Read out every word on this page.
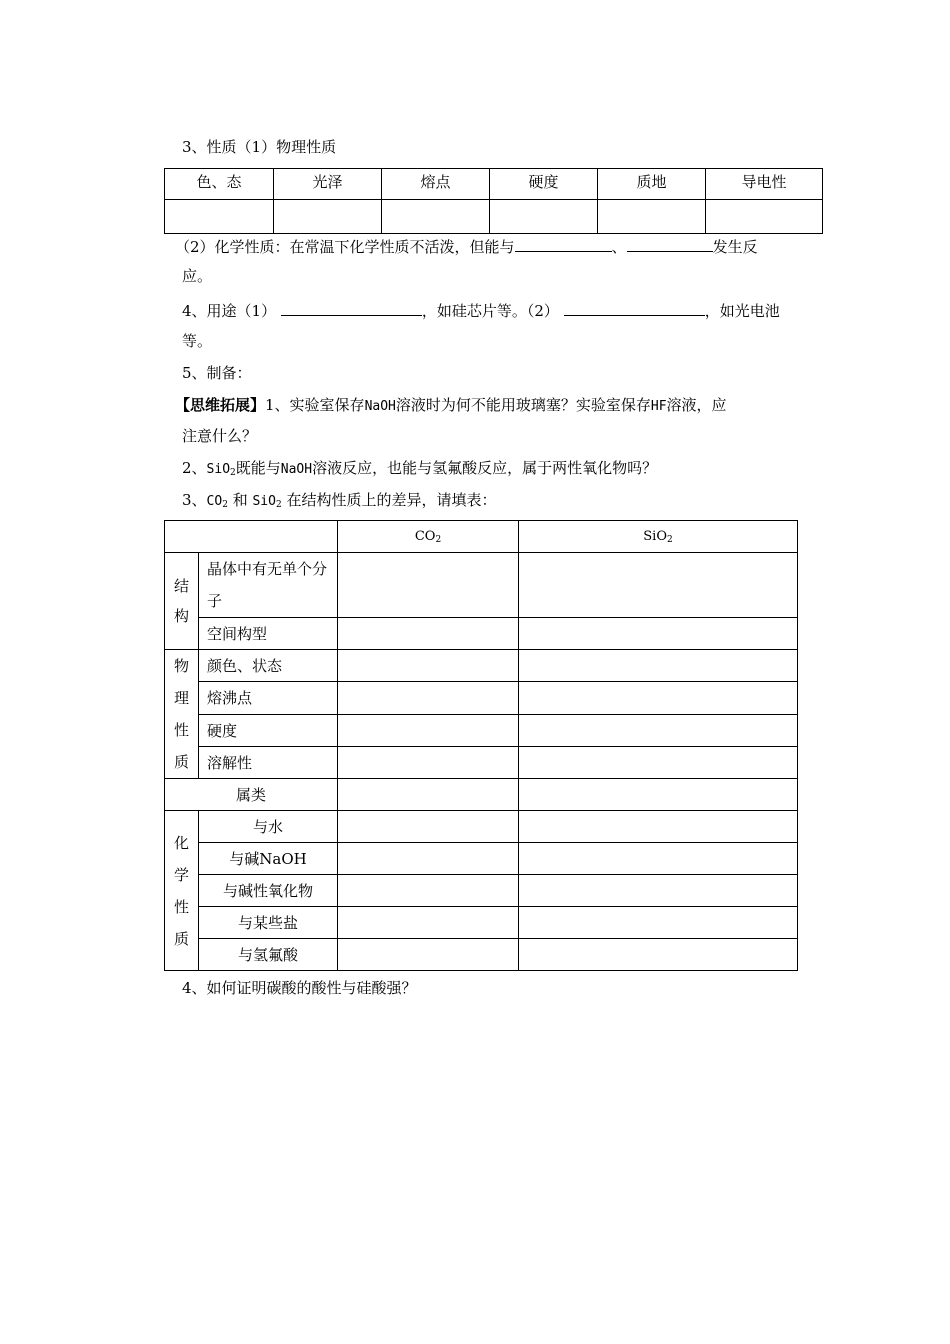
3、性质（1）物理性质
色、态	光泽	熔点	硬度	质地	导电性

（2）化学性质：在常温下化学性质不活泼，但能与	、	发生反
应。
4、用途（1）	，如硅芯片等。（2）	，如光电池
等。
5、制备：
【思维拓展】1、实验室保存NaOH溶液时为何不能用玻璃塞？实验室保存HF溶液，应
注意什么？
2、SiO$_2$既能与NaOH溶液反应，也能与氢氟酸反应，属于两性氧化物吗？
3、$CO_2$ 和 SiO$_2$ 在结构性质上的差异，请填表：
		$CO_2$	SiO$_2$
结构	晶体中有无单个分子		
	空间构型		
物理性质	颜色、状态		
	熔沸点		
	硬度		
	溶解性		
属类			
化学性质	与水		
	与碱NaOH		
	与碱性氧化物		
	与某些盐		
	与氢氟酸		
4、如何证明碳酸的酸性与硅酸强？
